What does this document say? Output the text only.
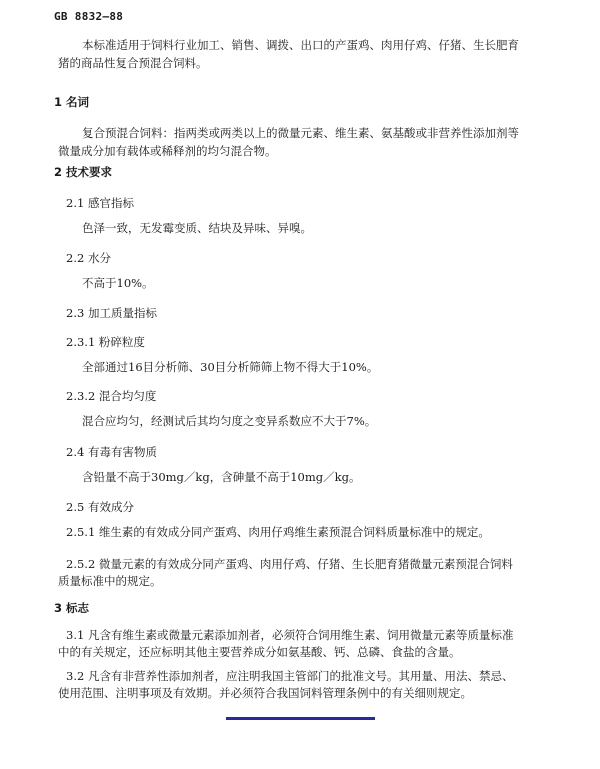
GB 8832—88
本标准适用于饲料行业加工、销售、调拨、出口的产蛋鸡、肉用仔鸡、仔猪、生长肥育
猪的商品性复合预混合饲料。
1 名词
复合预混合饲料：指两类或两类以上的微量元素、维生素、氨基酸或非营养性添加剂等
微量成分加有载体或稀释剂的均匀混合物。
2 技术要求
2.1 感官指标
色泽一致，无发霉变质、结块及异味、异嗅。
2.2 水分
不高于10%。
2.3 加工质量指标
2.3.1 粉碎粒度
全部通过16目分析筛、30目分析筛筛上物不得大于10%。
2.3.2 混合均匀度
混合应均匀，经测试后其均匀度之变异系数应不大于7%。
2.4 有毒有害物质
含铅量不高于30mg／kg，含砷量不高于10mg／kg。
2.5 有效成分
2.5.1 维生素的有效成分同产蛋鸡、肉用仔鸡维生素预混合饲料质量标准中的规定。
2.5.2 微量元素的有效成分同产蛋鸡、肉用仔鸡、仔猪、生长肥育猪微量元素预混合饲料
质量标准中的规定。
3 标志
3.1 凡含有维生素或微量元素添加剂者，必须符合饲用维生素、饲用微量元素等质量标准
中的有关规定，还应标明其他主要营养成分如氨基酸、钙、总磷、食盐的含量。
3.2 凡含有非营养性添加剂者，应注明我国主管部门的批准文号。其用量、用法、禁忌、
使用范围、注明事项及有效期。并必须符合我国饲料管理条例中的有关细则规定。
